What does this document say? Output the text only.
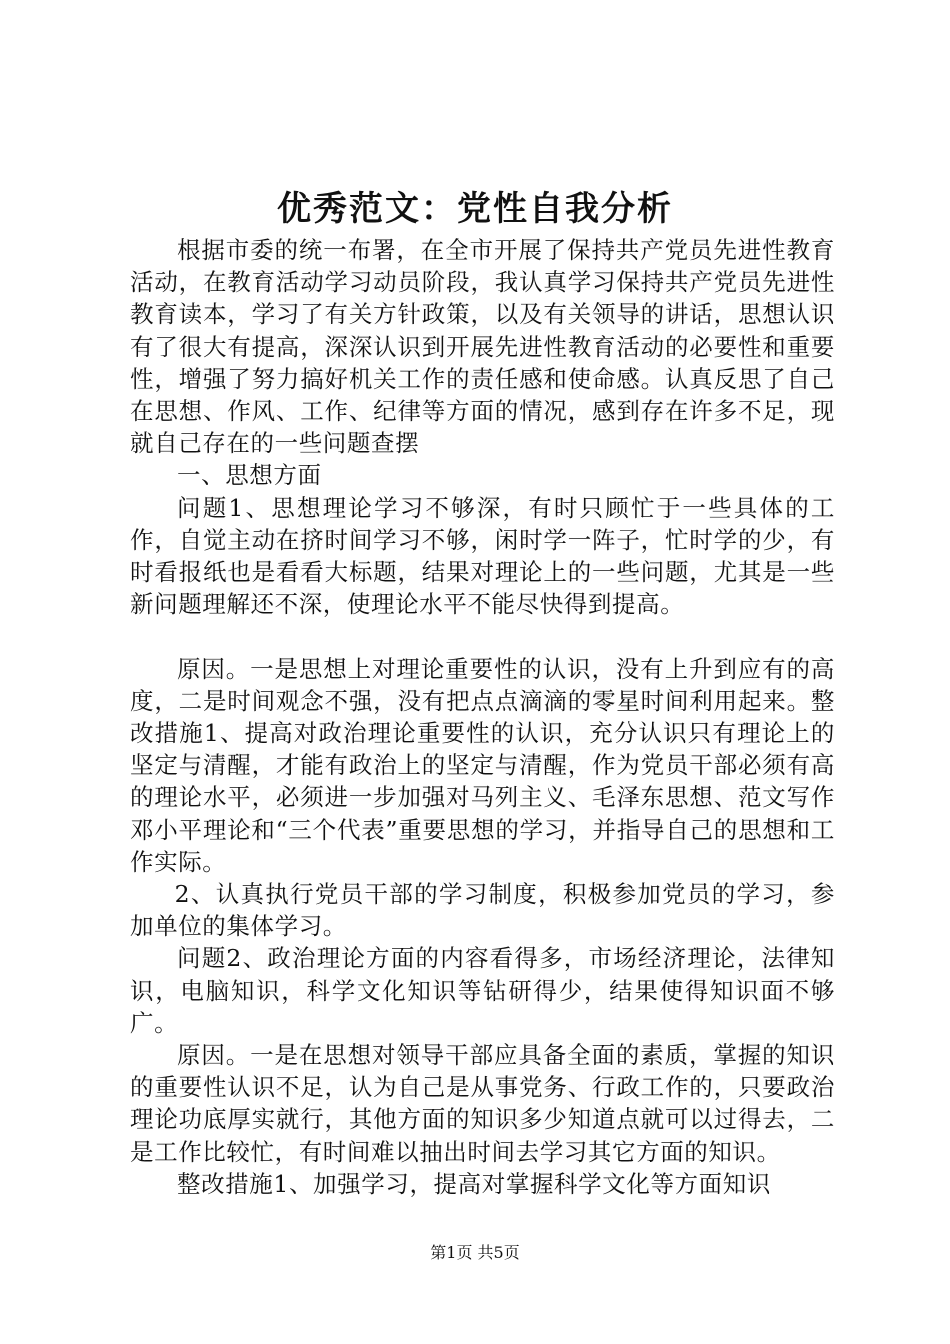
优秀范文：党性自我分析

根据市委的统一布署，在全市开展了保持共产党员先进性教育活动，在教育活动学习动员阶段，我认真学习保持共产党员先进性教育读本，学习了有关方针政策，以及有关领导的讲话，思想认识有了很大有提高，深深认识到开展先进性教育活动的必要性和重要性，增强了努力搞好机关工作的责任感和使命感。认真反思了自己在思想、作风、工作、纪律等方面的情况，感到存在许多不足，现就自己存在的一些问题查摆

一、思想方面

问题1、思想理论学习不够深，有时只顾忙于一些具体的工作，自觉主动在挤时间学习不够，闲时学一阵子，忙时学的少，有时看报纸也是看看大标题，结果对理论上的一些问题，尤其是一些新问题理解还不深，使理论水平不能尽快得到提高。

原因。一是思想上对理论重要性的认识，没有上升到应有的高度，二是时间观念不强，没有把点点滴滴的零星时间利用起来。整改措施1、提高对政治理论重要性的认识，充分认识只有理论上的坚定与清醒，才能有政治上的坚定与清醒，作为党员干部必须有高的理论水平，必须进一步加强对马列主义、毛泽东思想、范文写作邓小平理论和“三个代表”重要思想的学习，并指导自己的思想和工作实际。

2、认真执行党员干部的学习制度，积极参加党员的学习，参加单位的集体学习。

问题2、政治理论方面的内容看得多，市场经济理论，法律知识，电脑知识，科学文化知识等钻研得少，结果使得知识面不够广。

原因。一是在思想对领导干部应具备全面的素质，掌握的知识的重要性认识不足，认为自己是从事党务、行政工作的，只要政治理论功底厚实就行，其他方面的知识多少知道点就可以过得去，二是工作比较忙，有时间难以抽出时间去学习其它方面的知识。

整改措施1、加强学习，提高对掌握科学文化等方面知识

第1页 共5页
